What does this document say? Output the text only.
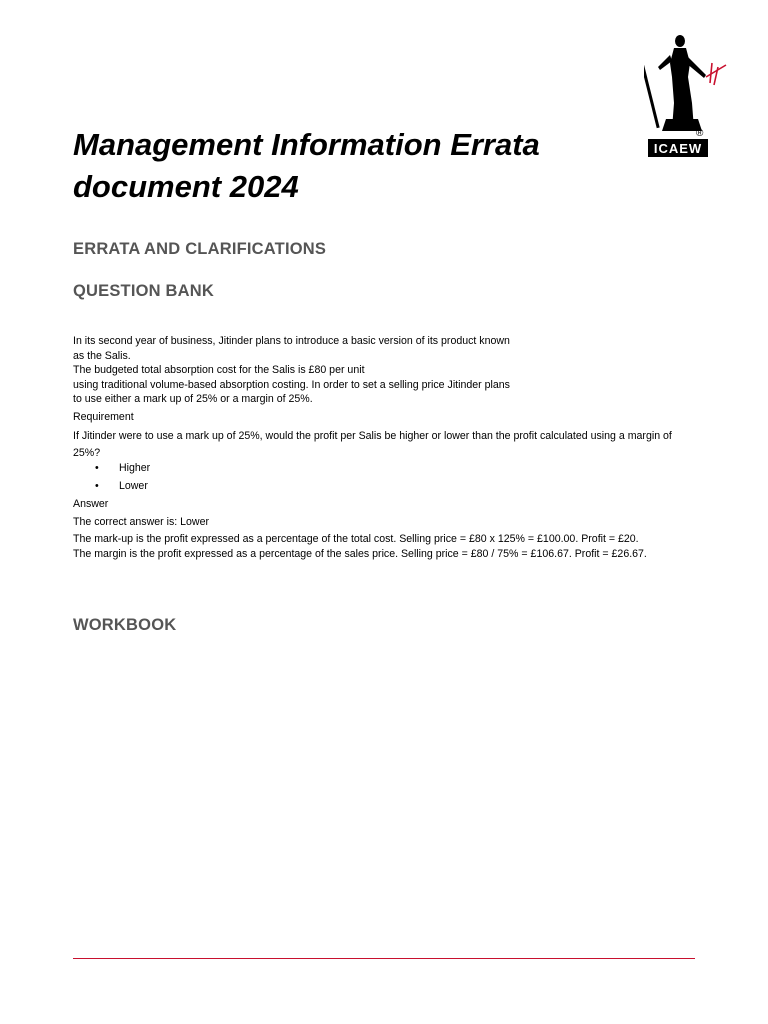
®
ICAEW
Management Information Errata
document 2024
ERRATA AND CLARIFICATIONS
QUESTION BANK

In its second year of business, Jitinder plans to introduce a basic version of its product known

as the Salis.

The budgeted total absorption cost for the Salis is £80 per unit

using traditional volume-based absorption costing. In order to set a selling price Jitinder plans

to use either a mark up of 25% or a margin of 25%.

Requirement

If Jitinder were to use a mark up of 25%, would the profit per Salis be higher or lower than the profit calculated using a margin of 25%?

•	Higher
•	Lower

Answer

The correct answer is: Lower

The mark-up is the profit expressed as a percentage of the total cost. Selling price = £80 x 125% = £100.00. Profit = £20.

The margin is the profit expressed as a percentage of the sales price. Selling price = £80 / 75% = £106.67. Profit = £26.67.

WORKBOOK
